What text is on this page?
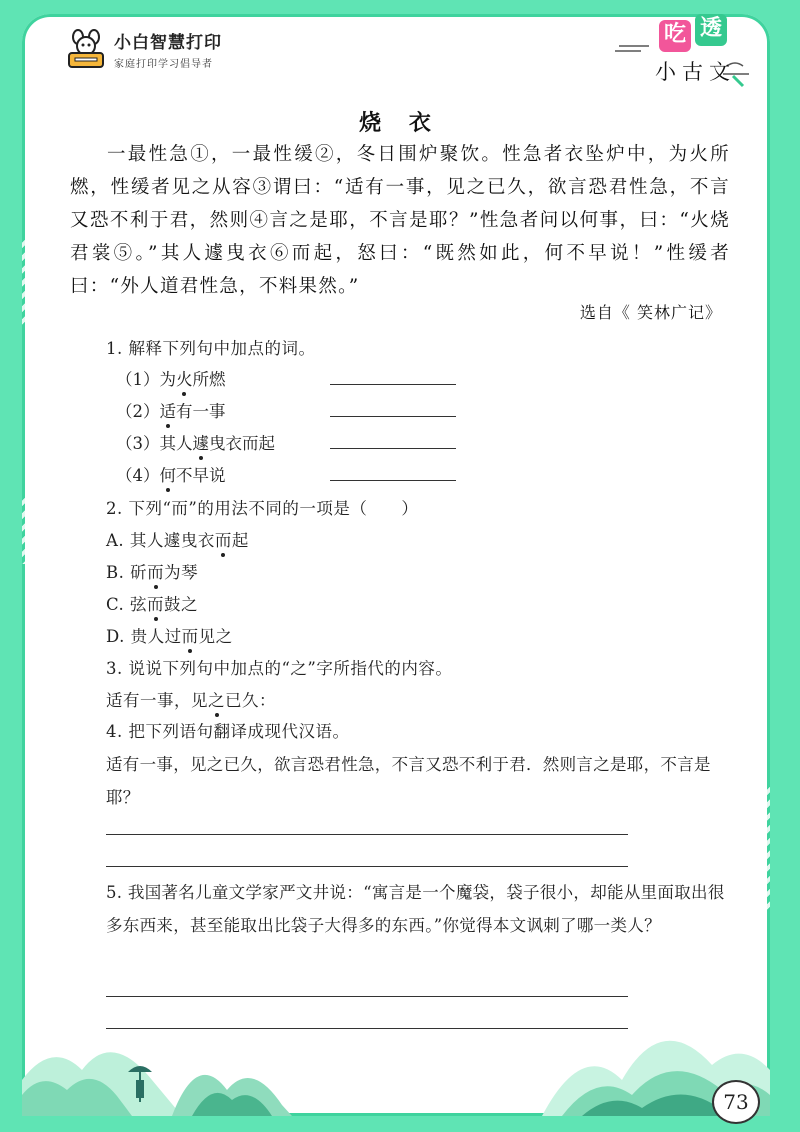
小白智慧打印
家庭打印学习倡导者
吃 透
小古文
烧 衣
一最性急①，一最性缓②，冬日围炉聚饮。性急者衣坠炉中，为火所燃，性缓者见之从容③谓曰：“适有一事，见之已久，欲言恐君性急，不言又恐不利于君，然则④言之是耶，不言是耶？”性急者问以何事，曰：“火烧君裳⑤。”其人遽曳衣⑥而起，怒曰：“既然如此，何不早说！”性缓者曰：“外人道君性急，不料果然。”
选自《 笑林广记》
1. 解释下列句中加点的词。
（1）为火所燃
（2）适有一事
（3）其人遽曳衣而起
（4）何不早说
2. 下列“而”的用法不同的一项是（　　）
A. 其人遽曳衣而起
B. 斫而为琴
C. 弦而鼓之
D. 贵人过而见之
3. 说说下列句中加点的“之”字所指代的内容。
适有一事，见之已久：
4. 把下列语句翻译成现代汉语。
适有一事，见之已久，欲言恐君性急，不言又恐不利于君．然则言之是耶，不言是耶？
5. 我国著名儿童文学家严文井说：“寓言是一个魔袋，袋子很小，却能从里面取出很多东西来，甚至能取出比袋子大得多的东西。”你觉得本文讽刺了哪一类人？
73
